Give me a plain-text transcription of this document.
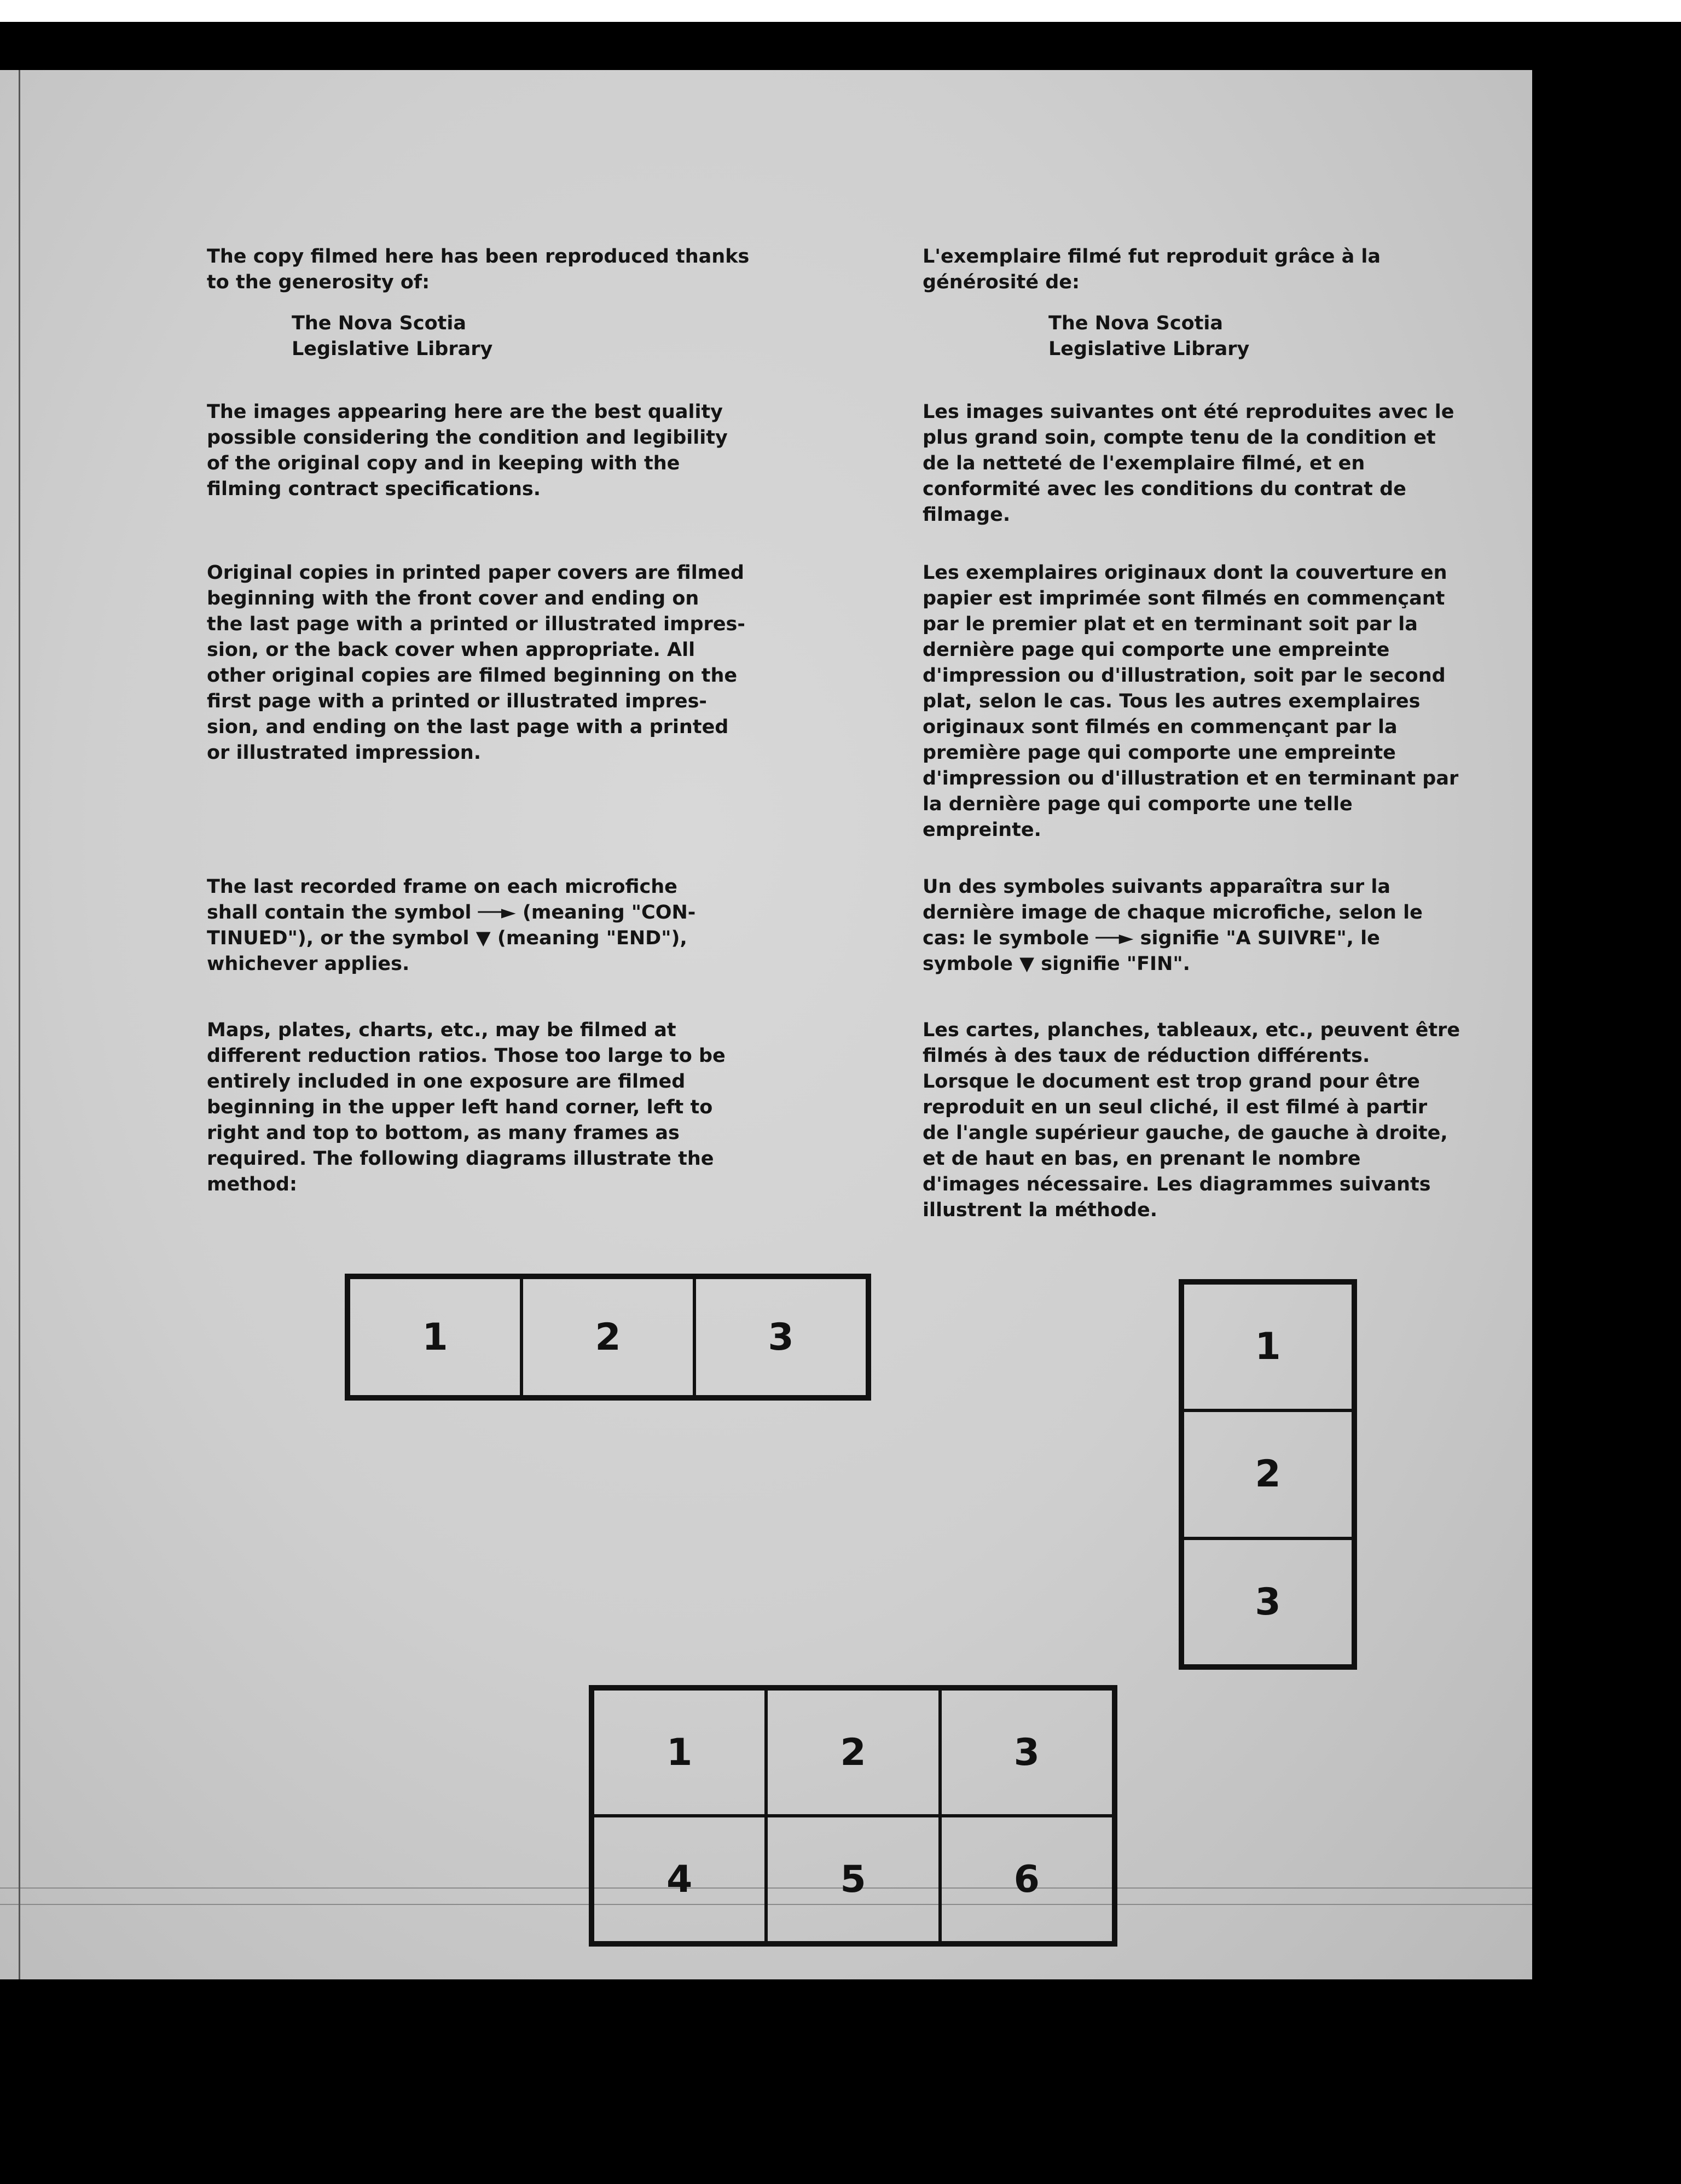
The copy filmed here has been reproduced thanks
to the generosity of:
The Nova Scotia
Legislative Library
The images appearing here are the best quality
possible considering the condition and legibility
of the original copy and in keeping with the
filming contract specifications.
Original copies in printed paper covers are filmed
beginning with the front cover and ending on
the last page with a printed or illustrated impres-
sion, or the back cover when appropriate. All
other original copies are filmed beginning on the
first page with a printed or illustrated impres-
sion, and ending on the last page with a printed
or illustrated impression.
The last recorded frame on each microfiche
shall contain the symbol ──► (meaning "CON-
TINUED"), or the symbol ▼ (meaning "END"),
whichever applies.
Maps, plates, charts, etc., may be filmed at
different reduction ratios. Those too large to be
entirely included in one exposure are filmed
beginning in the upper left hand corner, left to
right and top to bottom, as many frames as
required. The following diagrams illustrate the
method:
L'exemplaire filmé fut reproduit grâce à la
générosité de:
The Nova Scotia
Legislative Library
Les images suivantes ont été reproduites avec le
plus grand soin, compte tenu de la condition et
de la netteté de l'exemplaire filmé, et en
conformité avec les conditions du contrat de
filmage.
Les exemplaires originaux dont la couverture en
papier est imprimée sont filmés en commençant
par le premier plat et en terminant soit par la
dernière page qui comporte une empreinte
d'impression ou d'illustration, soit par le second
plat, selon le cas. Tous les autres exemplaires
originaux sont filmés en commençant par la
première page qui comporte une empreinte
d'impression ou d'illustration et en terminant par
la dernière page qui comporte une telle
empreinte.
Un des symboles suivants apparaîtra sur la
dernière image de chaque microfiche, selon le
cas: le symbole ──► signifie "A SUIVRE", le
symbole ▼ signifie "FIN".
Les cartes, planches, tableaux, etc., peuvent être
filmés à des taux de réduction différents.
Lorsque le document est trop grand pour être
reproduit en un seul cliché, il est filmé à partir
de l'angle supérieur gauche, de gauche à droite,
et de haut en bas, en prenant le nombre
d'images nécessaire. Les diagrammes suivants
illustrent la méthode.
1	2	3	1
2
3
1	2	3
4	5	6
